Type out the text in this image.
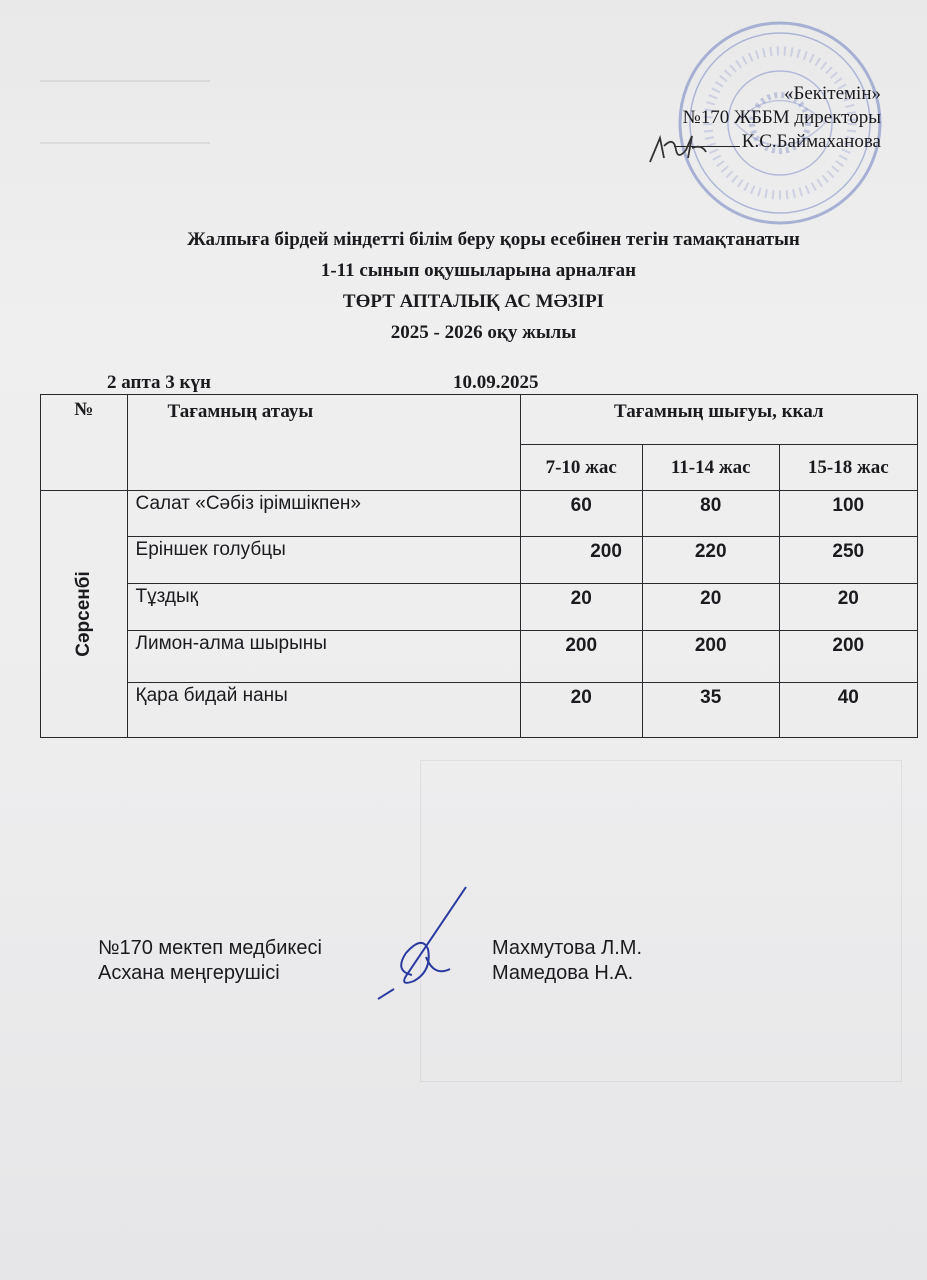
«Бекітемін»
№170 ЖББМ директоры
К.С.Баймаханова
Жалпыға бірдей міндетті білім беру қоры есебінен тегін тамақтанатын
1-11 сынып оқушыларына арналған
ТӨРТ АПТАЛЫҚ АС МӘЗІРІ
2025 - 2026 оқу жылы
2 апта 3 күн	10.09.2025
№	Тағамның атауы	Тағамның шығуы, ккал		
		7-10 жас	11-14 жас	15-18 жас
Сәрсенбі	Салат «Сәбіз ірімшікпен»	60	80	100
	Еріншек голубцы	200	220	250
	Тұздық	20	20	20
	Лимон-алма шырыны	200	200	200
	Қара бидай наны	20	35	40
№170 мектеп медбикесі
Асхана меңгерушісі
Махмутова Л.М.
Мамедова Н.А.
